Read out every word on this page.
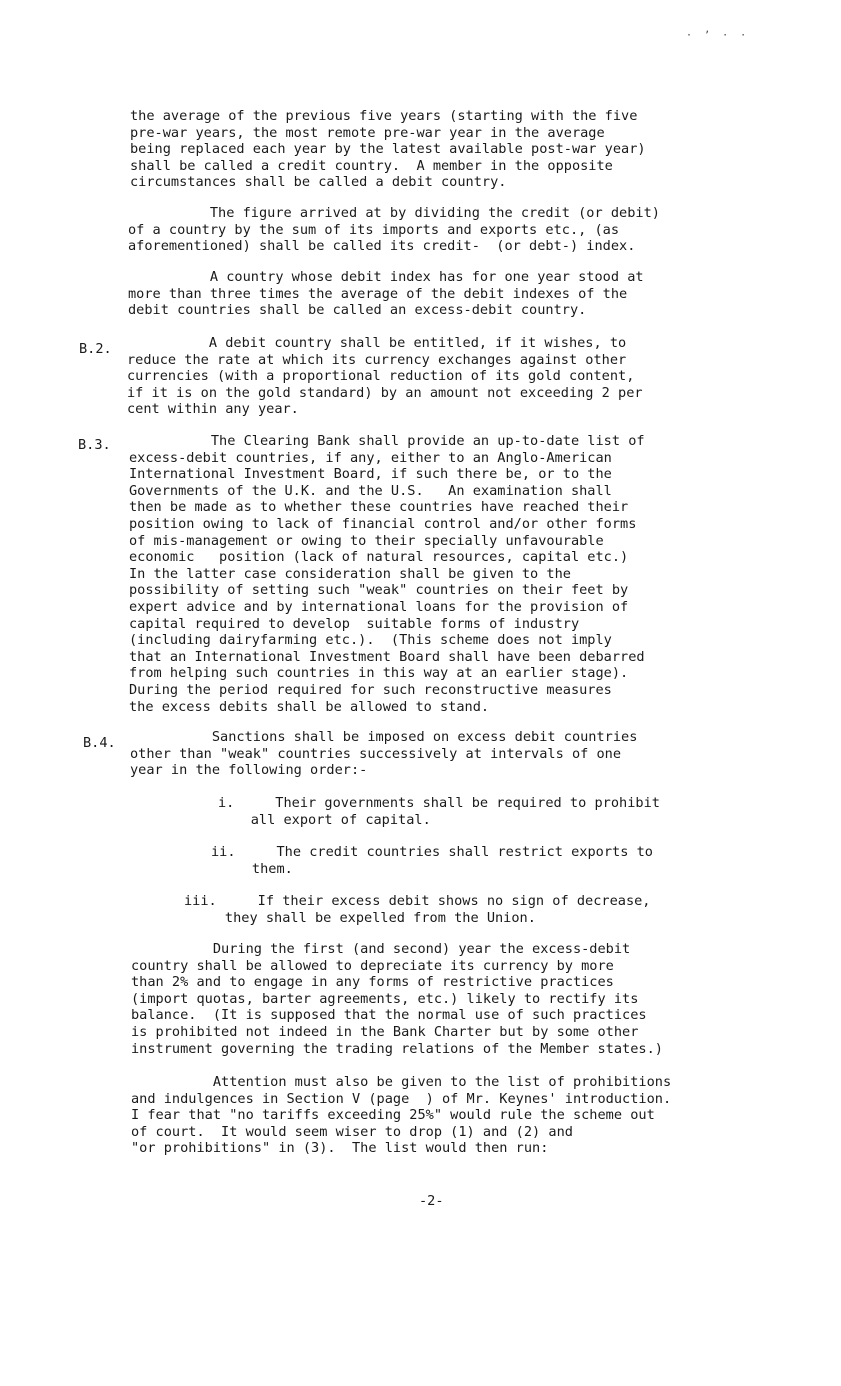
· ʼ · ·
the average of the previous five years (starting with the five
pre-war years, the most remote pre-war year in the average
being replaced each year by the latest available post-war year)
shall be called a credit country.  A member in the opposite
circumstances shall be called a debit country.
The figure arrived at by dividing the credit (or debit)
of a country by the sum of its imports and exports etc., (as
aforementioned) shall be called its credit-  (or debt-) index.
A country whose debit index has for one year stood at
more than three times the average of the debit indexes of the
debit countries shall be called an excess-debit country.
B.2.	A debit country shall be entitled, if it wishes, to
reduce the rate at which its currency exchanges against other
currencies (with a proportional reduction of its gold content,
if it is on the gold standard) by an amount not exceeding 2 per
cent within any year.
B.3.	The Clearing Bank shall provide an up-to-date list of
excess-debit countries, if any, either to an Anglo-American
International Investment Board, if such there be, or to the
Governments of the U.K. and the U.S.   An examination shall
then be made as to whether these countries have reached their
position owing to lack of financial control and/or other forms
of mis-management or owing to their specially unfavourable
economic   position (lack of natural resources, capital etc.)
In the latter case consideration shall be given to the
possibility of setting such "weak" countries on their feet by
expert advice and by international loans for the provision of
capital required to develop  suitable forms of industry
(including dairyfarming etc.).  (This scheme does not imply
that an International Investment Board shall have been debarred
from helping such countries in this way at an earlier stage).
During the period required for such reconstructive measures
the excess debits shall be allowed to stand.
B.4.	Sanctions shall be imposed on excess debit countries
other than "weak" countries successively at intervals of one
year in the following order:-
i.     Their governments shall be required to prohibit
all export of capital.
ii.     The credit countries shall restrict exports to
them.
iii.     If their excess debit shows no sign of decrease,
they shall be expelled from the Union.
During the first (and second) year the excess-debit
country shall be allowed to depreciate its currency by more
than 2% and to engage in any forms of restrictive practices
(import quotas, barter agreements, etc.) likely to rectify its
balance.  (It is supposed that the normal use of such practices
is prohibited not indeed in the Bank Charter but by some other
instrument governing the trading relations of the Member states.)
Attention must also be given to the list of prohibitions
and indulgences in Section V (page  ) of Mr. Keynes' introduction.
I fear that "no tariffs exceeding 25%" would rule the scheme out
of court.  It would seem wiser to drop (1) and (2) and
"or prohibitions" in (3).  The list would then run:
-2-
